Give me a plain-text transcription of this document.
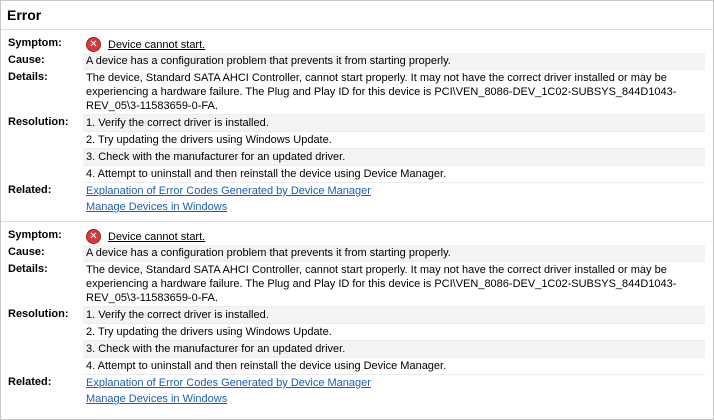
Error
Symptom:	✕ Device cannot start.
Cause:	A device has a configuration problem that prevents it from starting properly.
Details:	The device, Standard SATA AHCI Controller, cannot start properly. It may not have the correct driver installed or may be experiencing a hardware failure. The Plug and Play ID for this device is PCI\VEN_8086-DEV_1C02-SUBSYS_844D1043-REV_05\3-11583659-0-FA.
Resolution:	1. Verify the correct driver is installed.
2. Try updating the drivers using Windows Update.
3. Check with the manufacturer for an updated driver.
4. Attempt to uninstall and then reinstall the device using Device Manager.
Related:	Explanation of Error Codes Generated by Device Manager
Manage Devices in Windows
Symptom:	✕ Device cannot start.
Cause:	A device has a configuration problem that prevents it from starting properly.
Details:	The device, Standard SATA AHCI Controller, cannot start properly. It may not have the correct driver installed or may be experiencing a hardware failure. The Plug and Play ID for this device is PCI\VEN_8086-DEV_1C02-SUBSYS_844D1043-REV_05\3-11583659-0-FA.
Resolution:	1. Verify the correct driver is installed.
2. Try updating the drivers using Windows Update.
3. Check with the manufacturer for an updated driver.
4. Attempt to uninstall and then reinstall the device using Device Manager.
Related:	Explanation of Error Codes Generated by Device Manager
Manage Devices in Windows
